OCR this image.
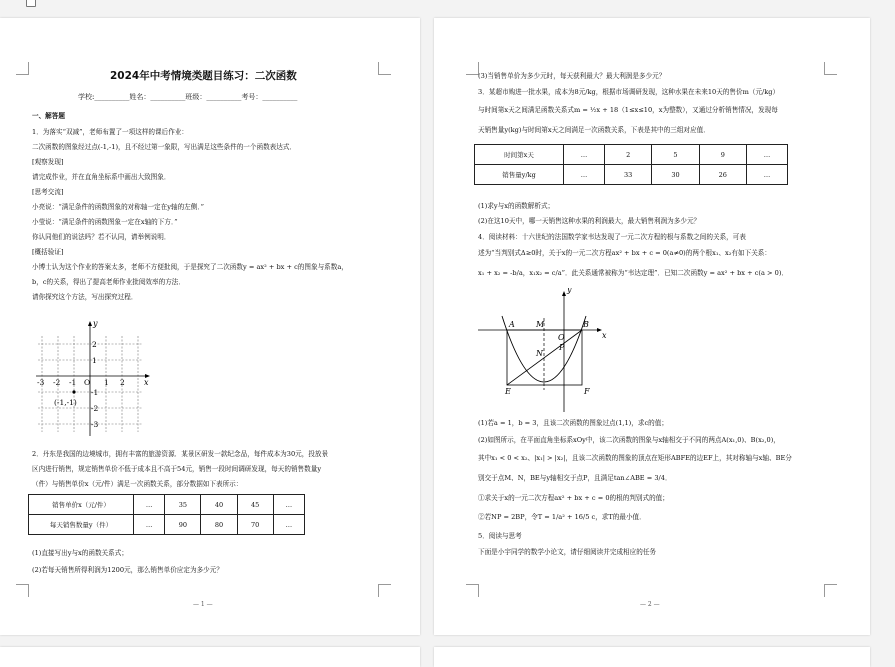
2024年中考情境类题目练习：二次函数
学校:__________姓名：__________班级：__________考号：__________
一、解答题
1．为落实“双减”，老师布置了一项这样的课后作业：
二次函数的图象经过点(-1,-1)，且不经过第一象限，写出满足这些条件的一个函数表达式．
[观察发现]
请完成作业，并在直角坐标系中画出大致图象．
[思考交流]
小亮说：“满足条件的函数图象的对称轴一定在y轴的左侧．”
小莹说：“满足条件的函数图象一定在x轴的下方．”
你认同他们的说法吗？若不认同，请举例说明．
[概括验证]
小博士认为这个作业的答案太多，老师不方便批阅，于是探究了二次函数y = ax² + bx + c的图象与系数a，
b，c的关系，得出了提高老师作业批阅效率的方法．
请你探究这个方法，写出探究过程．
y
x
-3 -2 -1 O 1 2
2
1
-1
-2
-3
(-1,-1)
2．丹东是我国的边境城市，拥有丰富的旅游资源．某景区研发一款纪念品，每件成本为30元，投放景
区内进行销售，规定销售单价不低于成本且不高于54元，销售一段时间调研发现，每天的销售数量y
（件）与销售单价x（元/件）满足一次函数关系，部分数据如下表所示：
销售单价x（元/件）	…	35	40	45	…
每天销售数量y（件）	…	90	80	70	…
(1)直接写出y与x的函数关系式；
(2)若每天销售所得利润为1200元，那么销售单价应定为多少元？
— 1 —
(3)当销售单价为多少元时，每天获利最大？最大利润是多少元？
3．某超市购进一批水果，成本为8元/kg，根据市场调研发现，这种水果在未来10天的售价m（元/kg）
与时间第x天之间满足函数关系式m = ½x + 18（1≤x≤10，x为整数），又通过分析销售情况，发现每
天销售量y(kg)与时间第x天之间满足一次函数关系，下表是其中的三组对应值．
时间第x天	…	2	5	9	…
销售量y/kg	…	33	30	26	…
(1)求y与x的函数解析式；
(2)在这10天中，哪一天销售这种水果的利润最大，最大销售利润为多少元？
4．阅读材料：十六世纪的法国数学家韦达发现了一元二次方程的根与系数之间的关系，可表
述为“当判别式Δ≥0时，关于x的一元二次方程ax² + bx + c = 0(a≠0)的两个根x₁、x₂有如下关系：
x₁ + x₂ = -b/a，x₁x₂ = c/a”．此关系通常被称为“韦达定理”．已知二次函数y = ax² + bx + c(a > 0)．
y
x
A	M
O
B
N
P
E	F
(1)若a = 1，b = 3，且该二次函数的图象过点(1,1)，求c的值；
(2)如图所示，在平面直角坐标系xOy中，该二次函数的图象与x轴相交于不同的两点A(x₁,0)、B(x₂,0)，
其中x₁ < 0 < x₂、|x₁| > |x₂|，且该二次函数的图象的顶点在矩形ABFE的边EF上，其对称轴与x轴、BE分
别交于点M、N，BE与y轴相交于点P，且满足tan∠ABE = 3/4．
①求关于x的一元二次方程ax² + bx + c = 0的根的判别式的值；
②若NP = 2BP，令T = 1/a² + 16/5 c，求T的最小值．
5．阅读与思考
下面是小宇同学的数学小论文，请仔细阅读并完成相应的任务
— 2 —
